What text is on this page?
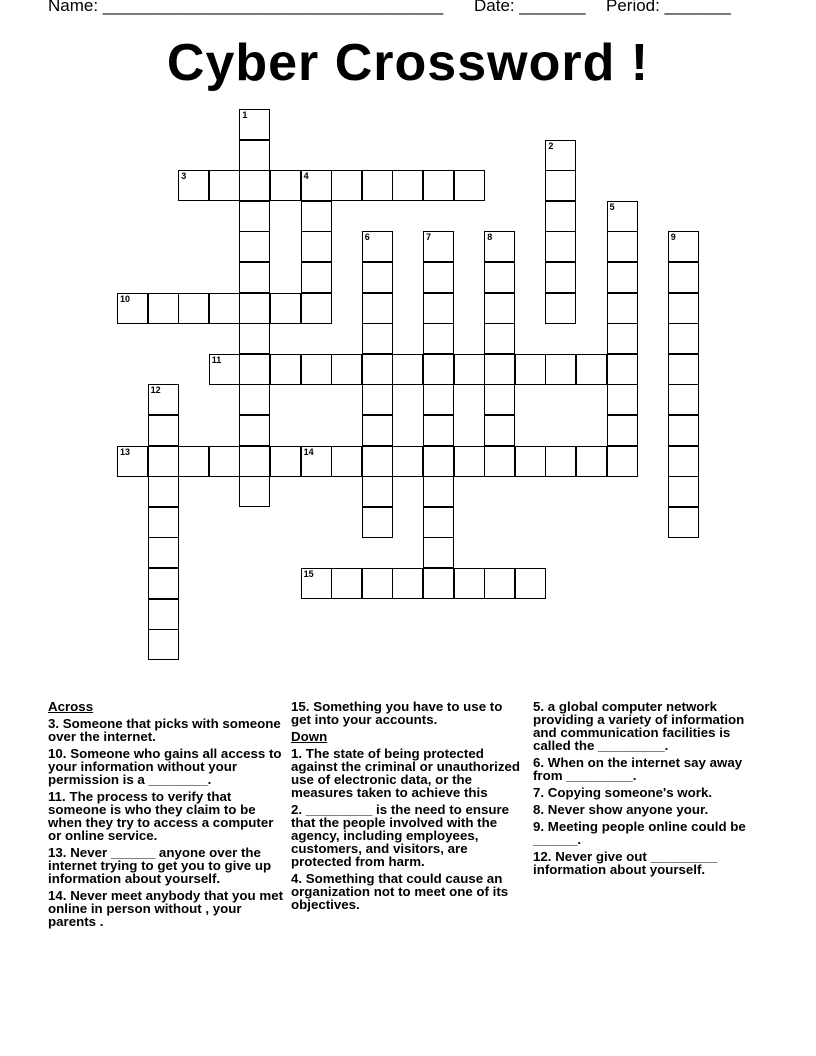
Name: ____________________________________ Date: _______ Period: _______
Cyber Crossword !
1
2
3	4
5
6	7	8	9
10
11
12
13	14
15
Across
3. Someone that picks with someone over the internet.
10. Someone who gains all access to your information without your permission is a ________.
11. The process to verify that someone is who they claim to be when they try to access a computer or online service.
13. Never ______ anyone over the internet trying to get you to give up information about yourself.
14. Never meet anybody that you met online in person without , your parents .
15. Something you have to use to get into your accounts.
Down
1. The state of being protected against the criminal or unauthorized use of electronic data, or the measures taken to achieve this
2. _________ is the need to ensure that the people involved with the agency, including employees, customers, and visitors, are protected from harm.
4. Something that could cause an organization not to meet one of its objectives.
5. a global computer network providing a variety of information and communication facilities is called the _________.
6. When on the internet say away from _________.
7. Copying someone's work.
8. Never show anyone your.
9. Meeting people online could be ______.
12. Never give out _________ information about yourself.
